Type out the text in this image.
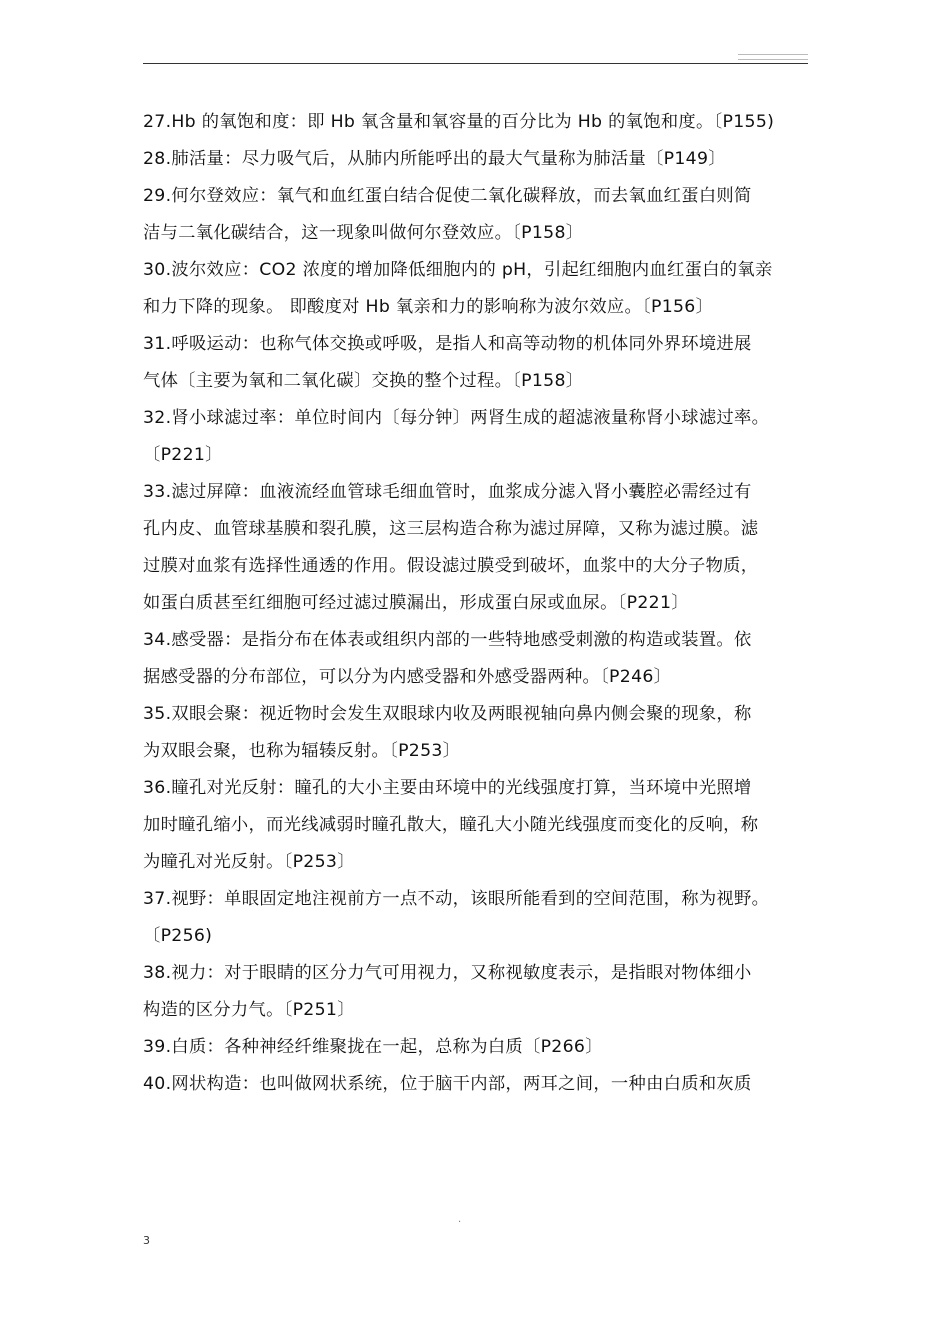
27.Hb 的氧饱和度：即 Hb 氧含量和氧容量的百分比为 Hb 的氧饱和度。〔P155)
28.肺活量：尽力吸气后，从肺内所能呼出的最大气量称为肺活量〔P149〕
29.何尔登效应：氧气和血红蛋白结合促使二氧化碳释放，而去氧血红蛋白则简
洁与二氧化碳结合，这一现象叫做何尔登效应。〔P158〕
30.波尔效应：CO2 浓度的增加降低细胞内的 pH，引起红细胞内血红蛋白的氧亲
和力下降的现象。 即酸度对 Hb 氧亲和力的影响称为波尔效应。〔P156〕
31.呼吸运动：也称气体交换或呼吸，是指人和高等动物的机体同外界环境进展
气体〔主要为氧和二氧化碳〕交换的整个过程。〔P158〕
32.肾小球滤过率：单位时间内〔每分钟〕两肾生成的超滤液量称肾小球滤过率。
〔P221〕
33.滤过屏障：血液流经血管球毛细血管时，血浆成分滤入肾小囊腔必需经过有
孔内皮、血管球基膜和裂孔膜，这三层构造合称为滤过屏障，又称为滤过膜。滤
过膜对血浆有选择性通透的作用。假设滤过膜受到破坏，血浆中的大分子物质，
如蛋白质甚至红细胞可经过滤过膜漏出，形成蛋白尿或血尿。〔P221〕
34.感受器：是指分布在体表或组织内部的一些特地感受刺激的构造或装置。依
据感受器的分布部位，可以分为内感受器和外感受器两种。〔P246〕
35.双眼会聚：视近物时会发生双眼球内收及两眼视轴向鼻内侧会聚的现象，称
为双眼会聚，也称为辐辏反射。〔P253〕
36.瞳孔对光反射：瞳孔的大小主要由环境中的光线强度打算，当环境中光照增
加时瞳孔缩小，而光线减弱时瞳孔散大，瞳孔大小随光线强度而变化的反响，称
为瞳孔对光反射。〔P253〕
37.视野：单眼固定地注视前方一点不动，该眼所能看到的空间范围，称为视野。
〔P256)
38.视力：对于眼睛的区分力气可用视力，又称视敏度表示，是指眼对物体细小
构造的区分力气。〔P251〕
39.白质：各种神经纤维聚拢在一起，总称为白质〔P266〕
40.网状构造：也叫做网状系统，位于脑干内部，两耳之间，一种由白质和灰质
.
3
